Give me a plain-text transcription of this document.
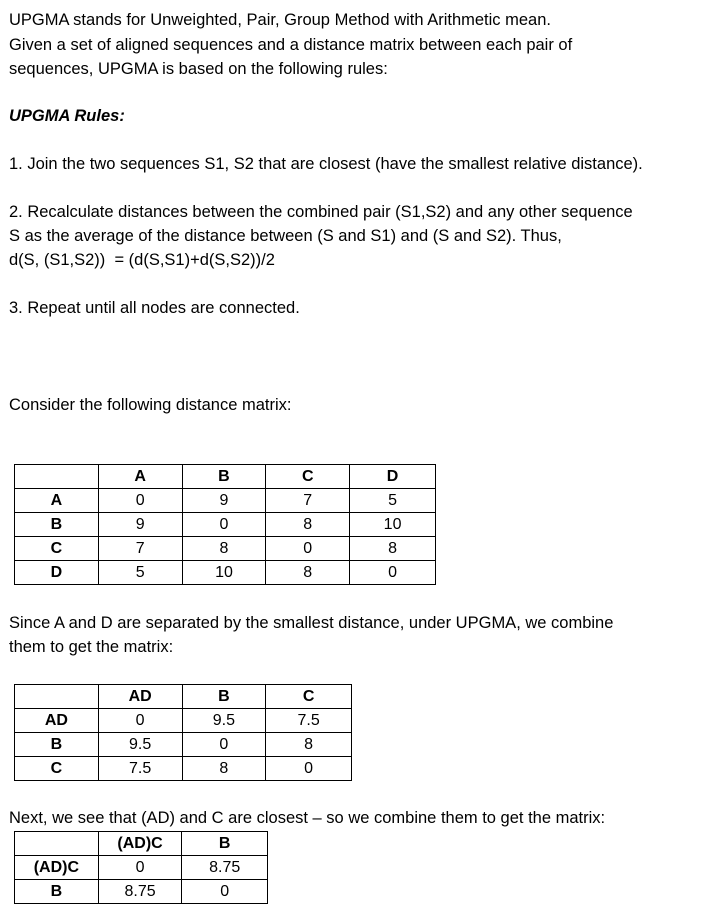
UPGMA stands for Unweighted, Pair, Group Method with Arithmetic mean.
Given a set of aligned sequences and a distance matrix between each pair of
sequences, UPGMA is based on the following rules:
UPGMA Rules:
1. Join the two sequences S1, S2 that are closest (have the smallest relative distance).
2. Recalculate distances between the combined pair (S1,S2) and any other sequence
S as the average of the distance between (S and S1) and (S and S2). Thus,
d(S, (S1,S2))  = (d(S,S1)+d(S,S2))/2
3. Repeat until all nodes are connected.
Consider the following distance matrix:
	A	B	C	D
A	0	9	7	5
B	9	0	8	10
C	7	8	0	8
D	5	10	8	0
Since A and D are separated by the smallest distance, under UPGMA, we combine
them to get the matrix:
	AD	B	C
AD	0	9.5	7.5
B	9.5	0	8
C	7.5	8	0
Next, we see that (AD) and C are closest – so we combine them to get the matrix:
	(AD)C	B
(AD)C	0	8.75
B	8.75	0
